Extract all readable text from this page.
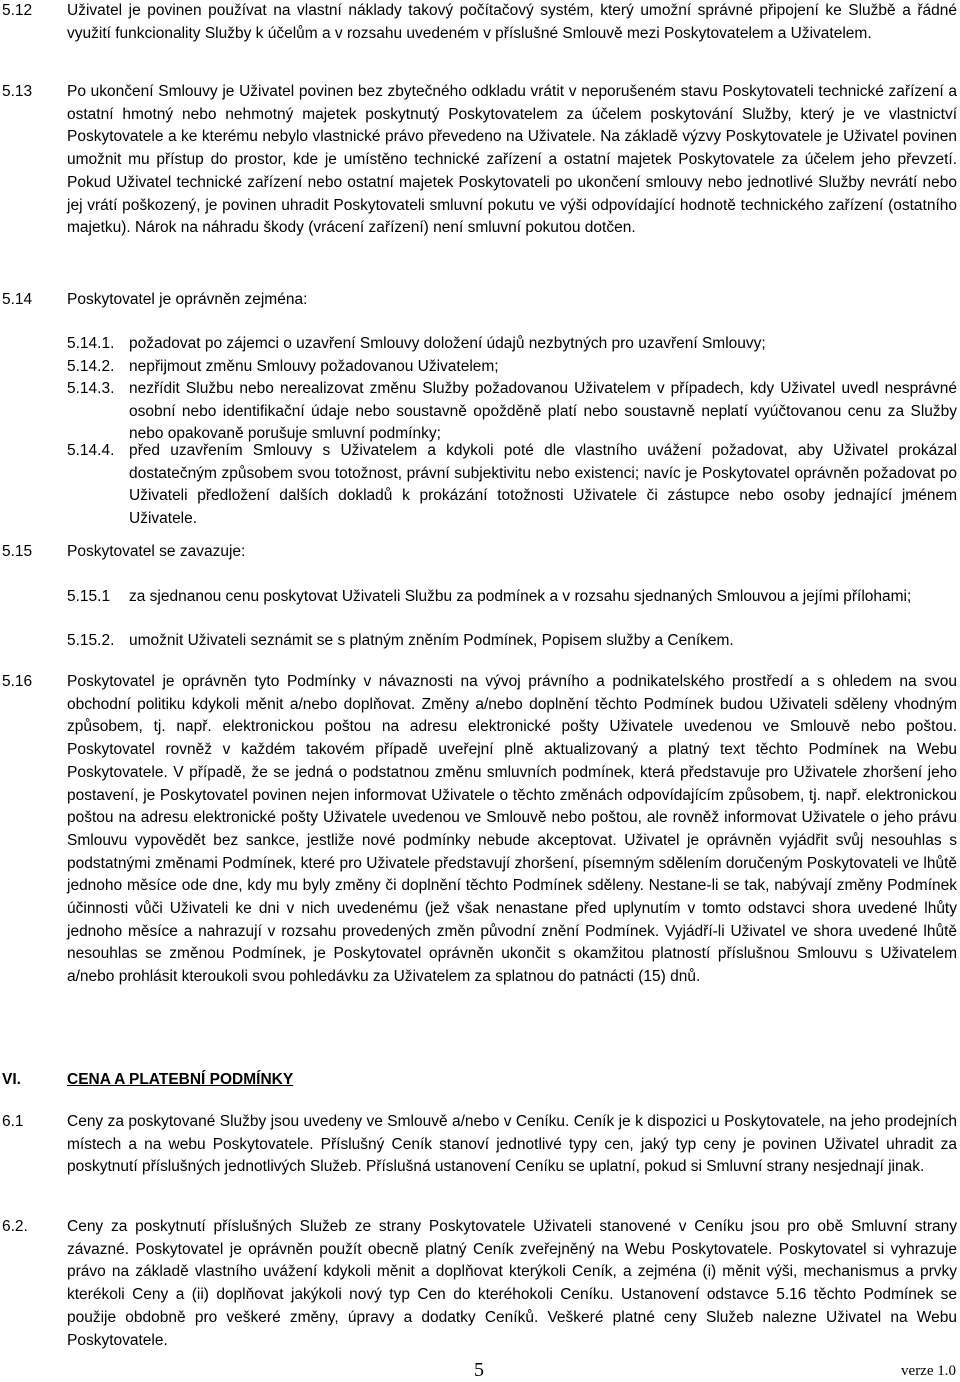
5.12 Uživatel je povinen používat na vlastní náklady takový počítačový systém, který umožní správné připojení ke Službě a řádné využití funkcionality Služby k účelům a v rozsahu uvedeném v příslušné Smlouvě mezi Poskytovatelem a Uživatelem.
5.13 Po ukončení Smlouvy je Uživatel povinen bez zbytečného odkladu vrátit v neporušeném stavu Poskytovateli technické zařízení a ostatní hmotný nebo nehmotný majetek poskytnutý Poskytovatelem za účelem poskytování Služby, který je ve vlastnictví Poskytovatele a ke kterému nebylo vlastnické právo převedeno na Uživatele. Na základě výzvy Poskytovatele je Uživatel povinen umožnit mu přístup do prostor, kde je umístěno technické zařízení a ostatní majetek Poskytovatele za účelem jeho převzetí. Pokud Uživatel technické zařízení nebo ostatní majetek Poskytovateli po ukončení smlouvy nebo jednotlivé Služby nevrátí nebo jej vrátí poškozený, je povinen uhradit Poskytovateli smluvní pokutu ve výši odpovídající hodnotě technického zařízení (ostatního majetku). Nárok na náhradu škody (vrácení zařízení) není smluvní pokutou dotčen.
5.14 Poskytovatel je oprávněn zejména:
5.14.1. požadovat po zájemci o uzavření Smlouvy doložení údajů nezbytných pro uzavření Smlouvy;
5.14.2. nepřijmout změnu Smlouvy požadovanou Uživatelem;
5.14.3. nezřídit Službu nebo nerealizovat změnu Služby požadovanou Uživatelem v případech, kdy Uživatel uvedl nesprávné osobní nebo identifikační údaje nebo soustavně opožděně platí nebo soustavně neplatí vyúčtovanou cenu za Služby nebo opakovaně porušuje smluvní podmínky;
5.14.4. před uzavřením Smlouvy s Uživatelem a kdykoli poté dle vlastního uvážení požadovat, aby Uživatel prokázal dostatečným způsobem svou totožnost, právní subjektivitu nebo existenci; navíc je Poskytovatel oprávněn požadovat po Uživateli předložení dalších dokladů k prokázání totožnosti Uživatele či zástupce nebo osoby jednající jménem Uživatele.
5.15 Poskytovatel se zavazuje:
5.15.1 za sjednanou cenu poskytovat Uživateli Službu za podmínek a v rozsahu sjednaných Smlouvou a jejími přílohami;
5.15.2. umožnit Uživateli seznámit se s platným zněním Podmínek, Popisem služby a Ceníkem.
5.16 Poskytovatel je oprávněn tyto Podmínky v návaznosti na vývoj právního a podnikatelského prostředí a s ohledem na svou obchodní politiku kdykoli měnit a/nebo doplňovat. Změny a/nebo doplnění těchto Podmínek budou Uživateli sděleny vhodným způsobem, tj. např. elektronickou poštou na adresu elektronické pošty Uživatele uvedenou ve Smlouvě nebo poštou. Poskytovatel rovněž v každém takovém případě uveřejní plně aktualizovaný a platný text těchto Podmínek na Webu Poskytovatele. V případě, že se jedná o podstatnou změnu smluvních podmínek, která představuje pro Uživatele zhoršení jeho postavení, je Poskytovatel povinen nejen informovat Uživatele o těchto změnách odpovídajícím způsobem, tj. např. elektronickou poštou na adresu elektronické pošty Uživatele uvedenou ve Smlouvě nebo poštou, ale rovněž informovat Uživatele o jeho právu Smlouvu vypovědět bez sankce, jestliže nové podmínky nebude akceptovat. Uživatel je oprávněn vyjádřit svůj nesouhlas s podstatnými změnami Podmínek, které pro Uživatele představují zhoršení, písemným sdělením doručeným Poskytovateli ve lhůtě jednoho měsíce ode dne, kdy mu byly změny či doplnění těchto Podmínek sděleny. Nestane-li se tak, nabývají změny Podmínek účinnosti vůči Uživateli ke dni v nich uvedenému (jež však nenastane před uplynutím v tomto odstavci shora uvedené lhůty jednoho měsíce a nahrazují v rozsahu provedených změn původní znění Podmínek. Vyjádří-li Uživatel ve shora uvedené lhůtě nesouhlas se změnou Podmínek, je Poskytovatel oprávněn ukončit s okamžitou platností příslušnou Smlouvu s Uživatelem a/nebo prohlásit kteroukoli svou pohledávku za Uživatelem za splatnou do patnácti (15) dnů.
VI.	CENA A PLATEBNÍ PODMÍNKY
6.1	Ceny za poskytované Služby jsou uvedeny ve Smlouvě a/nebo v Ceníku. Ceník je k dispozici u Poskytovatele, na jeho prodejních místech a na webu Poskytovatele. Příslušný Ceník stanoví jednotlivé typy cen, jaký typ ceny je povinen Uživatel uhradit za poskytnutí příslušných jednotlivých Služeb. Příslušná ustanovení Ceníku se uplatní, pokud si Smluvní strany nesjednají jinak.
6.2.	Ceny za poskytnutí příslušných Služeb ze strany Poskytovatele Uživateli stanovené v Ceníku jsou pro obě Smluvní strany závazné. Poskytovatel je oprávněn použít obecně platný Ceník zveřejněný na Webu Poskytovatele. Poskytovatel si vyhrazuje právo na základě vlastního uvážení kdykoli měnit a doplňovat kterýkoli Ceník, a zejména (i) měnit výši, mechanismus a prvky kterékoli Ceny a (ii) doplňovat jakýkoli nový typ Cen do kteréhokoli Ceníku. Ustanovení odstavce 5.16 těchto Podmínek se použije obdobně pro veškeré změny, úpravy a dodatky Ceníků. Veškeré platné ceny Služeb nalezne Uživatel na Webu Poskytovatele.
5	verze 1.0
